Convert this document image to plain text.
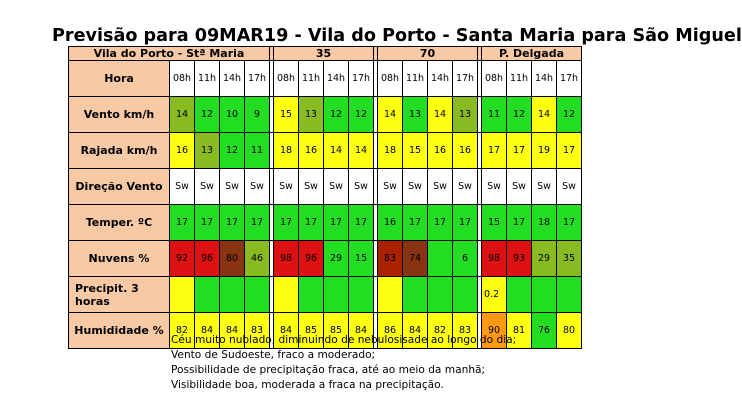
Previsão para 09MAR19 - Vila do Porto - Santa Maria para São Miguel
Vila do Porto - Stª Maria						35					70					P. Delgada			
Hora	08h	11h	14h	17h		08h	11h	14h	17h		08h	11h	14h	17h		08h	11h	14h	17h
Vento km/h	14	12	10	9		15	13	12	12		14	13	14	13		11	12	14	12
Rajada km/h	16	13	12	11		18	16	14	14		18	15	16	16		17	17	19	17
Direção Vento	Sw	Sw	Sw	Sw		Sw	Sw	Sw	Sw		Sw	Sw	Sw	Sw		Sw	Sw	Sw	Sw
Temper. ºC	17	17	17	17		17	17	17	17		16	17	17	17		15	17	18	17
Nuvens %	92	96	80	46		98	96	29	15		83	74		6		98	93	29	35
Precipit. 3 horas																0.2			
Humididade %	82	84	84	83		84	85	85	84		86	84	82	83		90	81	76	80
Céu muito nublado, diminuindo de nebulosisade ao longo do dia;
Vento de Sudoeste, fraco a moderado;
Possibilidade de precipitação fraca, até ao meio da manhã;
Visibilidade boa, moderada a fraca na precipitação.
